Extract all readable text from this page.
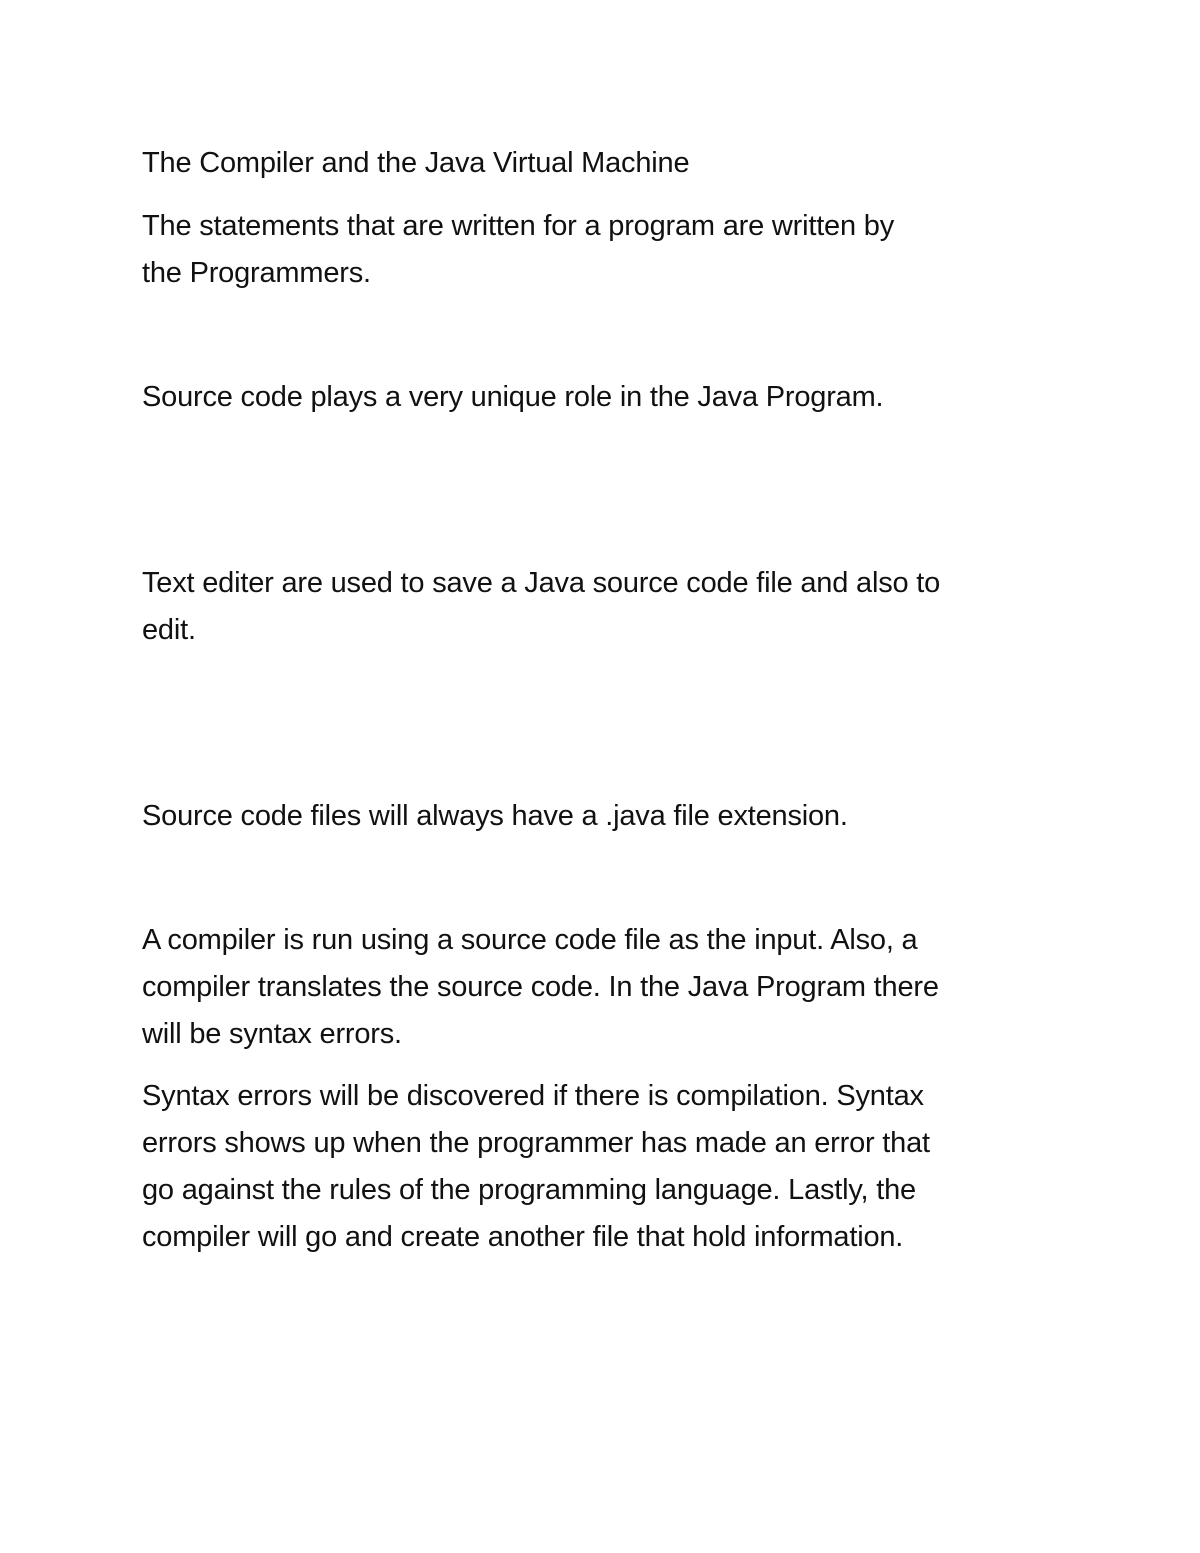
The Compiler and the Java Virtual Machine

The statements that are written for a program are written by
the Programmers.

Source code plays a very unique role in the Java Program.

Text editer are used to save a Java source code file and also to
edit.

Source code files will always have a .java file extension.

A compiler is run using a source code file as the input. Also, a
compiler translates the source code. In the Java Program there
will be syntax errors.

Syntax errors will be discovered if there is compilation. Syntax
errors shows up when the programmer has made an error that
go against the rules of the programming language. Lastly, the
compiler will go and create another file that hold information.
